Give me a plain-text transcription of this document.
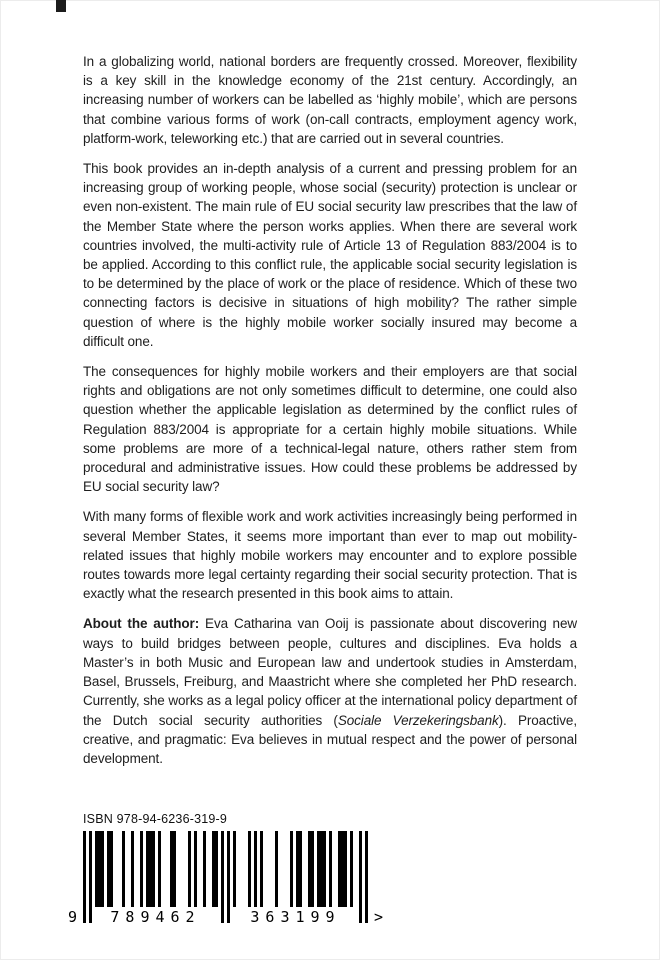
In a globalizing world, national borders are frequently crossed. Moreover, flexibility is a key skill in the knowledge economy of the 21st century. Accordingly, an increasing number of workers can be labelled as ‘highly mobile’, which are persons that combine various forms of work (on-call contracts, employment agency work, platform-work, teleworking etc.) that are carried out in several countries.

This book provides an in-depth analysis of a current and pressing problem for an increasing group of working people, whose social (security) protection is unclear or even non-existent. The main rule of EU social security law prescribes that the law of the Member State where the person works applies. When there are several work countries involved, the multi-activity rule of Article 13 of Regulation 883/2004 is to be applied. According to this conflict rule, the applicable social security legislation is to be determined by the place of work or the place of residence. Which of these two connecting factors is decisive in situations of high mobility? The rather simple question of where is the highly mobile worker socially insured may become a difficult one.

The consequences for highly mobile workers and their employers are that social rights and obligations are not only sometimes difficult to determine, one could also question whether the applicable legislation as determined by the conflict rules of Regulation 883/2004 is appropriate for a certain highly mobile situations. While some problems are more of a technical-legal nature, others rather stem from procedural and administrative issues. How could these problems be addressed by EU social security law?

With many forms of flexible work and work activities increasingly being performed in several Member States, it seems more important than ever to map out mobility-related issues that highly mobile workers may encounter and to explore possible routes towards more legal certainty regarding their social security protection. That is exactly what the research presented in this book aims to attain.

About the author: Eva Catharina van Ooij is passionate about discovering new ways to build bridges between people, cultures and disciplines. Eva holds a Master’s in both Music and European law and undertook studies in Amsterdam, Basel, Brussels, Freiburg, and Maastricht where she completed her PhD research. Currently, she works as a legal policy officer at the international policy department of the Dutch social security authorities (Sociale Verzekeringsbank). Proactive, creative, and pragmatic: Eva believes in mutual respect and the power of personal development.

ISBN 978-94-6236-319-9
9	789462	363199	>
